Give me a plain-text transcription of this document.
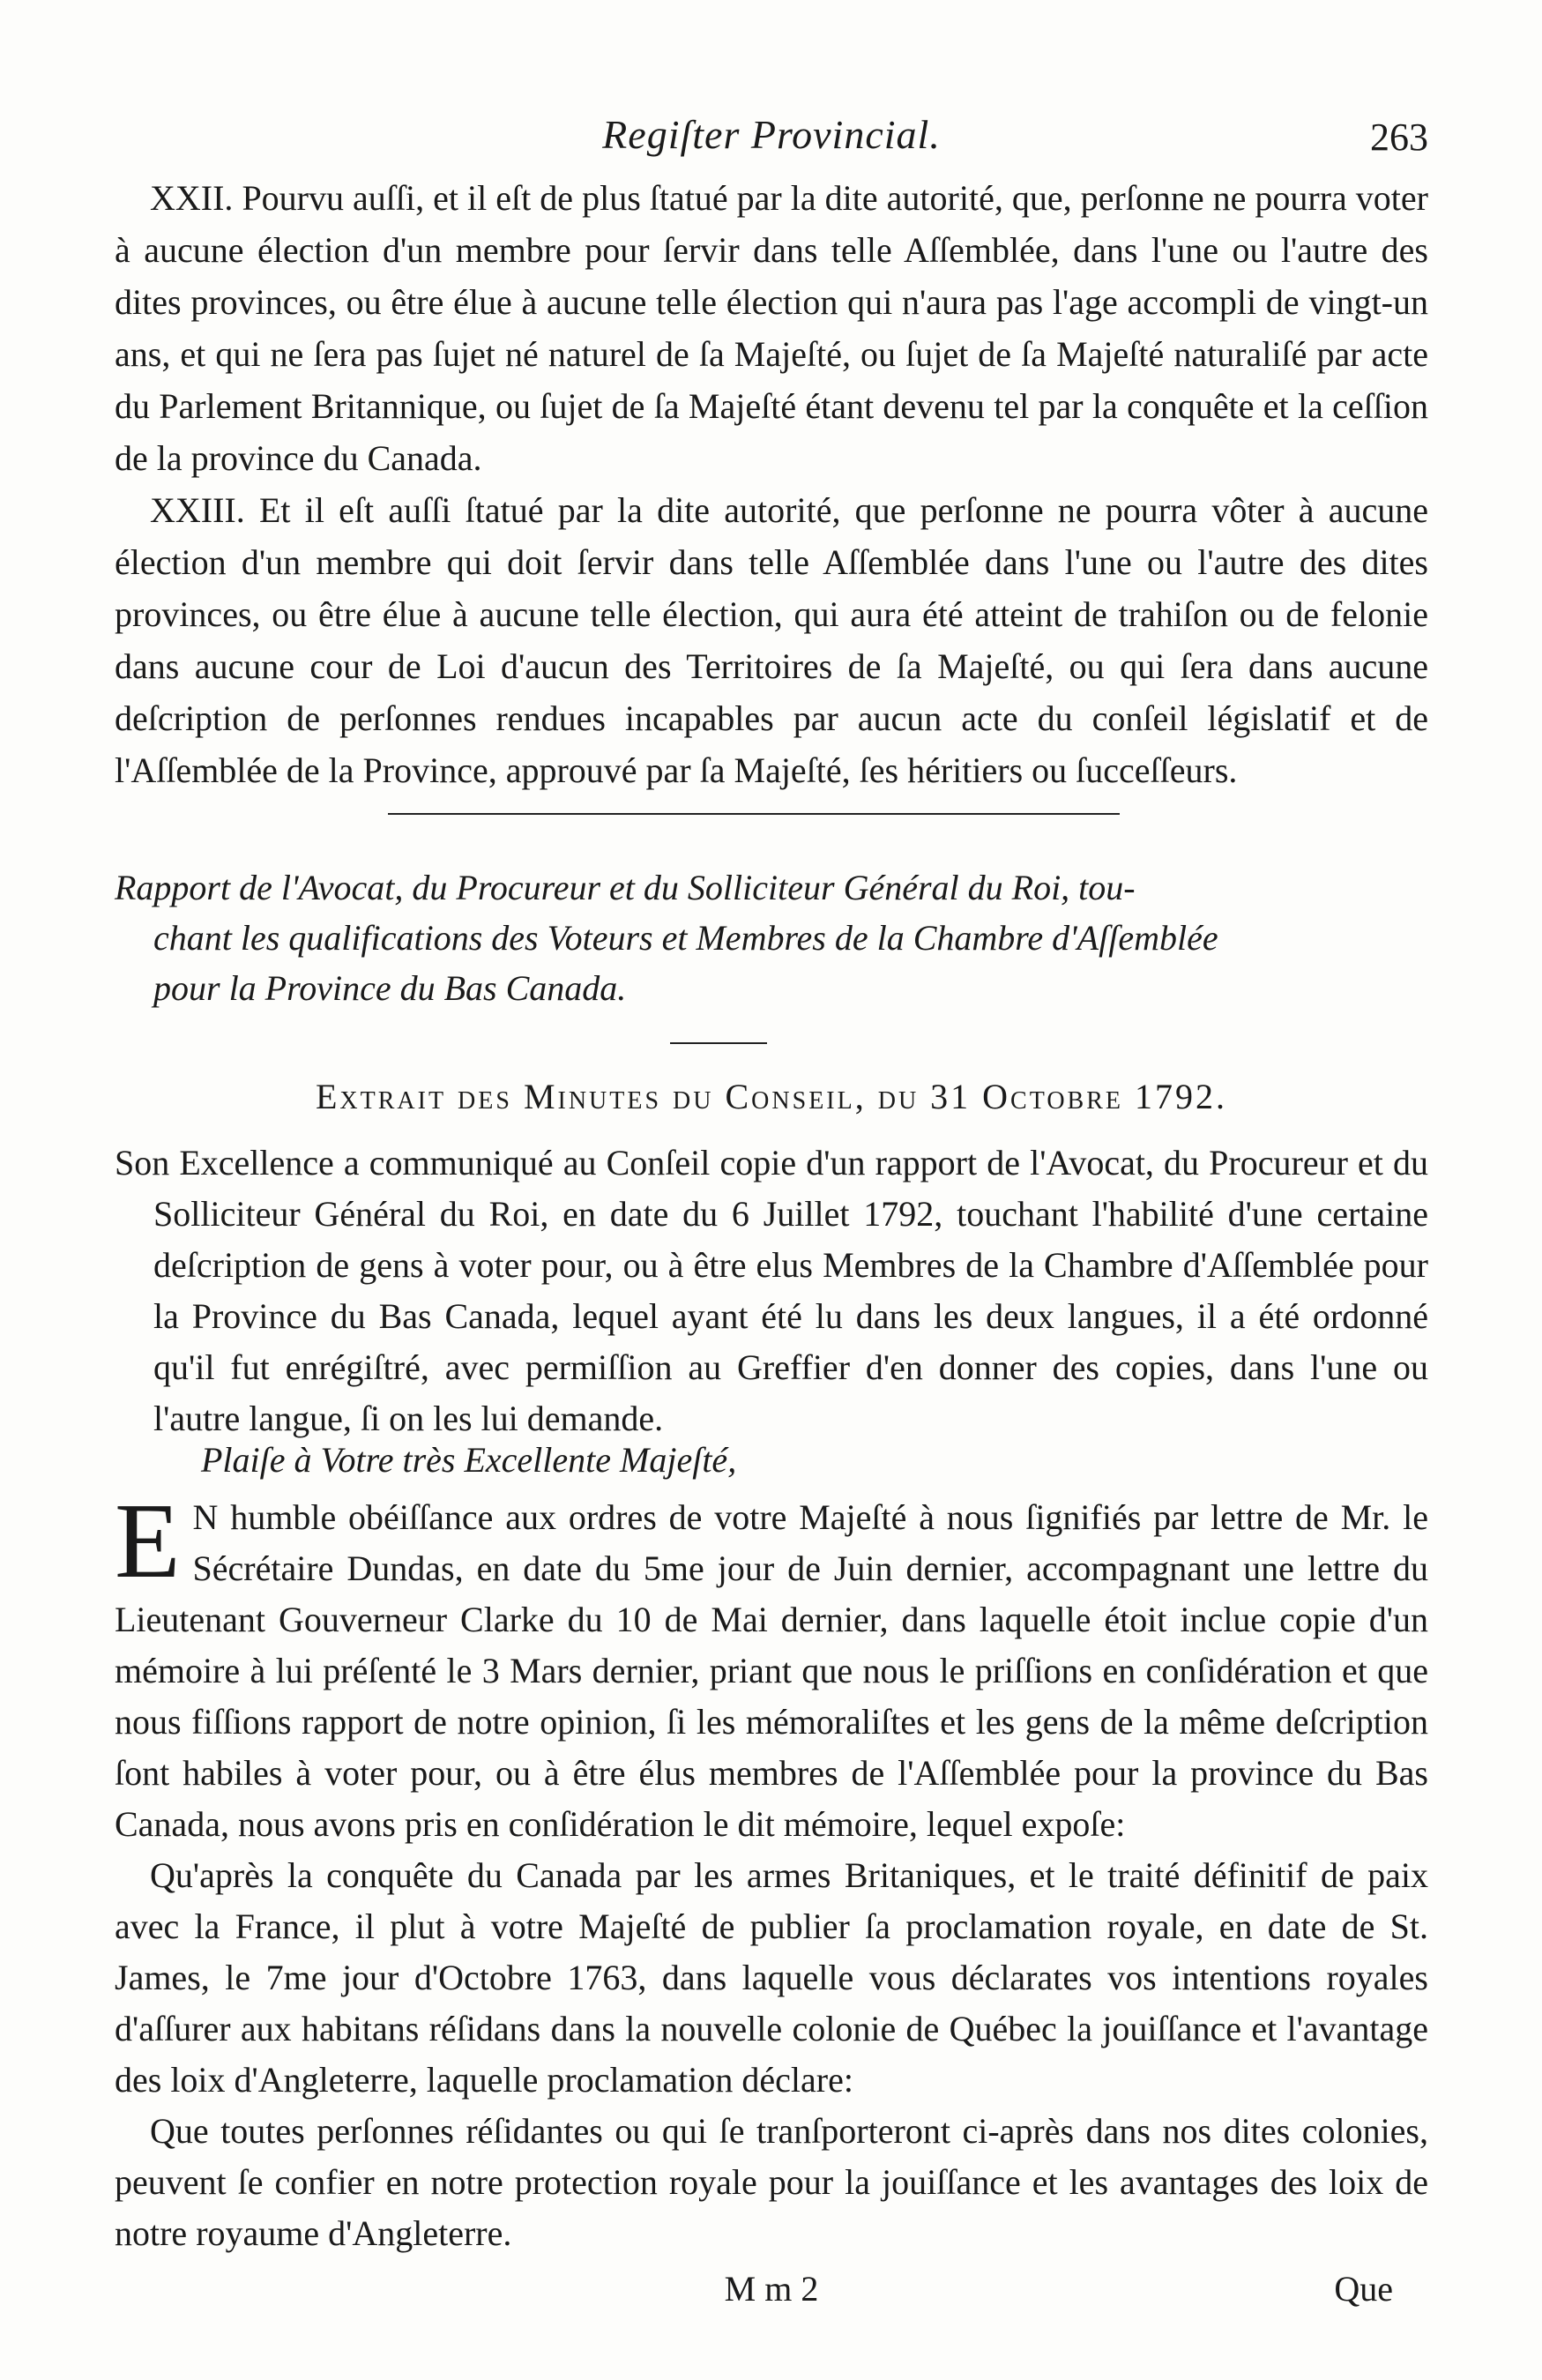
Regiſter Provincial.	263

XXII. Pourvu auſſi, et il eſt de plus ſtatué par la dite autorité, que, perſonne ne pourra voter à aucune élection d'un membre pour ſervir dans telle Aſſemblée, dans l'une ou l'autre des dites provinces, ou être élue à aucune telle élection qui n'aura pas l'age accompli de vingt-un ans, et qui ne ſera pas ſujet né naturel de ſa Majeſté, ou ſujet de ſa Majeſté naturaliſé par acte du Parlement Britannique, ou ſujet de ſa Majeſté étant devenu tel par la conquête et la ceſſion de la province du Canada.

XXIII. Et il eſt auſſi ſtatué par la dite autorité, que perſonne ne pourra vôter à aucune élection d'un membre qui doit ſervir dans telle Aſſemblée dans l'une ou l'autre des dites provinces, ou être élue à aucune telle élection, qui aura été atteint de trahiſon ou de felonie dans aucune cour de Loi d'aucun des Territoires de ſa Majeſté, ou qui ſera dans aucune deſcription de perſonnes rendues incapables par aucun acte du conſeil législatif et de l'Aſſemblée de la Province, approuvé par ſa Majeſté, ſes héritiers ou ſucceſſeurs.

Rapport de l'Avocat, du Procureur et du Solliciteur Général du Roi, tou-

chant les qualifications des Voteurs et Membres de la Chambre d'Aſſemblée

pour la Province du Bas Canada.

Extrait des Minutes du Conseil, du 31 Octobre 1792.

Son Excellence a communiqué au Conſeil copie d'un rapport de l'Avocat, du Procureur et du Solliciteur Général du Roi, en date du 6 Juillet 1792, touchant l'habilité d'une certaine deſcription de gens à voter pour, ou à être elus Membres de la Chambre d'Aſſemblée pour la Province du Bas Canada, lequel ayant été lu dans les deux langues, il a été ordonné qu'il fut enrégiſtré, avec permiſſion au Greffier d'en donner des copies, dans l'une ou l'autre langue, ſi on les lui demande.

Plaiſe à Votre très Excellente Majeſté,

E N humble obéiſſance aux ordres de votre Majeſté à nous ſignifiés par lettre de Mr. le Sécrétaire Dundas, en date du 5me jour de Juin dernier, accompagnant une lettre du Lieutenant Gouverneur Clarke du 10 de Mai dernier, dans laquelle étoit inclue copie d'un mémoire à lui préſenté le 3 Mars dernier, priant que nous le priſſions en conſidération et que nous fiſſions rapport de notre opinion, ſi les mémoraliſtes et les gens de la même deſcription ſont habiles à voter pour, ou à être élus membres de l'Aſſemblée pour la province du Bas Canada, nous avons pris en conſidération le dit mémoire, lequel expoſe:

Qu'après la conquête du Canada par les armes Britaniques, et le traité définitif de paix avec la France, il plut à votre Majeſté de publier ſa proclamation royale, en date de St. James, le 7me jour d'Octobre 1763, dans laquelle vous déclarates vos intentions royales d'aſſurer aux habitans réſidans dans la nouvelle colonie de Québec la jouiſſance et l'avantage des loix d'Angleterre, laquelle proclamation déclare:

Que toutes perſonnes réſidantes ou qui ſe tranſporteront ci-après dans nos dites colonies, peuvent ſe confier en notre protection royale pour la jouiſſance et les avantages des loix de notre royaume d'Angleterre.

M m 2	Que
